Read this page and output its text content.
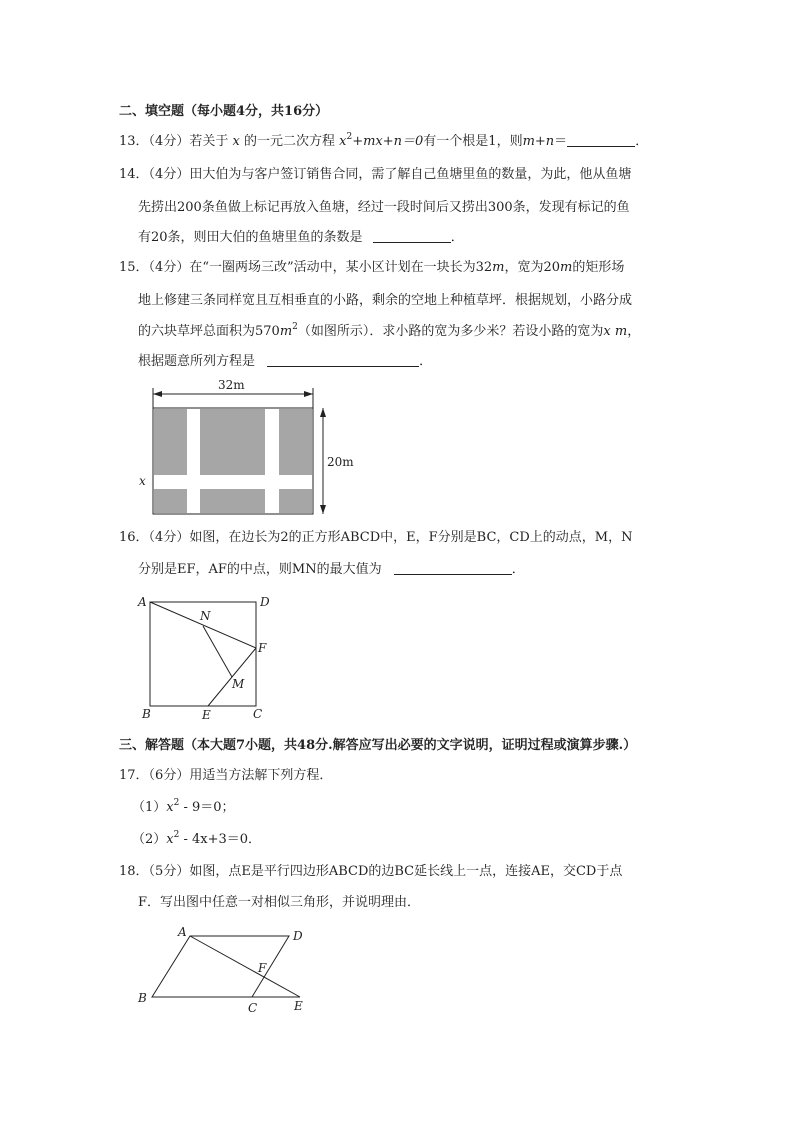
二、填空题（每小题4分，共16分）
13．（4分）若关于 x 的一元二次方程 $x^2+mx+n=0$有一个根是1，则m+n＝	．
14．（4分）田大伯为与客户签订销售合同，需了解自己鱼塘里鱼的数量，为此，他从鱼塘
先捞出200条鱼做上标记再放入鱼塘，经过一段时间后又捞出300条，发现有标记的鱼
有20条，则田大伯的鱼塘里鱼的条数是	．
15．（4分）在“一圈两场三改”活动中，某小区计划在一块长为32m，宽为20m的矩形场
地上修建三条同样宽且互相垂直的小路，剩余的空地上种植草坪．根据规划，小路分成
的六块草坪总面积为$570m^2$（如图所示）．求小路的宽为多少米？若设小路的宽为x m，
根据题意所列方程是	．
32m
20m
x
16．（4分）如图，在边长为2的正方形ABCD中，E，F分别是BC，CD上的动点，M，N
分别是EF，AF的中点，则MN的最大值为	．
A	D
B	C
E
F
M
N
三、解答题（本大题7小题，共48分.解答应写出必要的文字说明，证明过程或演算步骤.）
17．（6分）用适当方法解下列方程．
$(1)x^2 - 9=0$；
$(2)x^2 - 4x+3=0$．
18．（5分）如图，点E是平行四边形ABCD的边BC延长线上一点，连接AE，交CD于点
F．写出图中任意一对相似三角形，并说明理由．
A	D
B
C	E
F
